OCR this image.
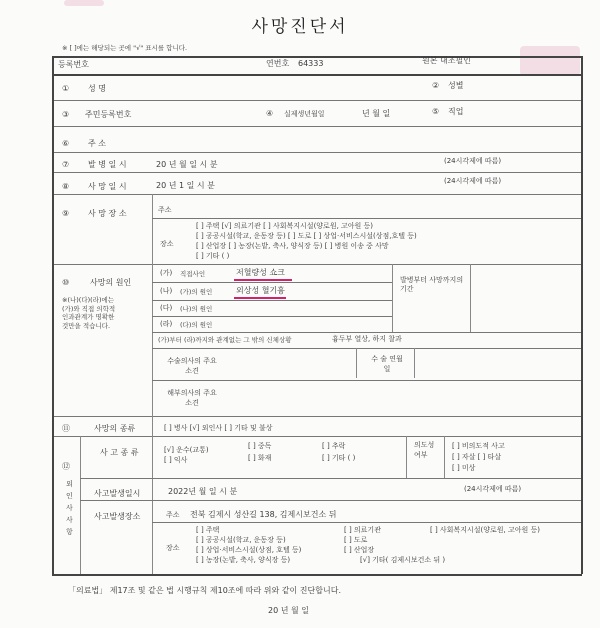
사망진단서
※ [ ]에는 해당되는 곳에 "√" 표시를 합니다.
등록번호	연번호 64333	원본 대조필인
① 성 명	② 성별
③ 주민등록번호	④ 실제생년월일	년 월 일	⑤ 직업
⑥ 주 소
⑦ 발 병 일 시	20 년 월 일 시 분	(24시각제에 따름)
⑧ 사 망 일 시	20 년 1 일 시 분	(24시각제에 따름)
⑨ 사 망 장 소	주소
장소
[ ] 주택 [√] 의료기관 [ ] 사회복지시설(양로원, 고아원 등)
[ ] 공공시설(학교, 운동장 등) [ ] 도로 [ ] 상업·서비스시설(상점,호텔 등)
[ ] 산업장 [ ] 농장(논밭, 축사, 양식장 등) [ ] 병원 이송 중 사망
[ ] 기타 ( )
⑩	사망의 원인
※(나)(다)(라)에는 (가)와 직접 의학적 인과관계가 명확한 것만을 적습니다.
(가) 직접사인	저혈량성 쇼크
(나) (가)의 원인	외상성 혈기흉
(다) (나)의 원인
(라) (다)의 원인
발병부터 사망까지의기간
(가)부터 (라)까지와 관계없는 그 밖의 신체상황	흉두부 열상, 하지 찰과
수술의사의 주요소견
수 술 연월일
해부의사의 주요소견
⑪	사망의 종류	[ ] 병사 [√] 외인사 [ ] 기타 및 불상
⑫
외인사사항
사 고 종 류	[√] 운수(교통)
[ ] 익사
[ ] 중독
[ ] 화재
[ ] 추락
[ ] 기타 ( )
의도성 여부
[ ] 비의도적 사고
[ ] 자살 [ ] 타살
[ ] 미상
사고발생일시	2022년 월 일 시 분	(24시각제에 따름)
사고발생장소	주소 전북 김제시 성산길 138, 김제시보건소 뒤
장소
[ ] 주택
[ ] 공공시설(학교, 운동장 등)
[ ] 상업·서비스시설(상점, 호텔 등)
[ ] 농장(논밭, 축사, 양식장 등)
[ ] 의료기관
[ ] 도로
[ ] 산업장
[√] 기타( 김제시보건소 뒤 )
[ ] 사회복지시설(양로원, 고아원 등)
「의료법」 제17조 및 같은 법 시행규칙 제10조에 따라 위와 같이 진단합니다.
20 년 월 일
